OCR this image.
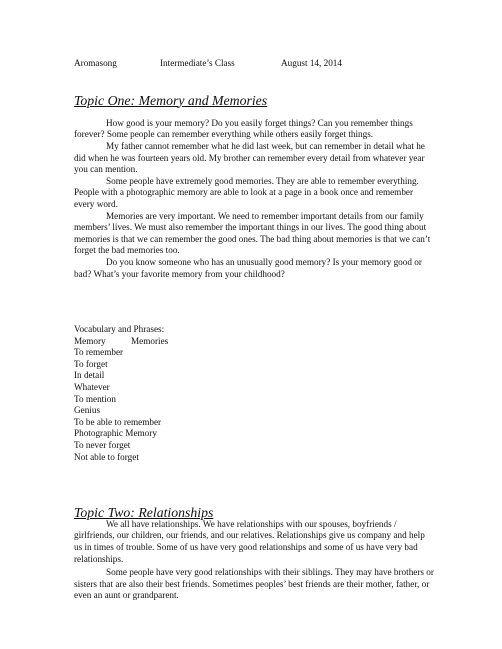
Aromasong	Intermediate’s Class	August 14, 2014
Topic One: Memory and Memories

How good is your memory? Do you easily forget things? Can you remember things forever? Some people can remember everything while others easily forget things.

My father cannot remember what he did last week, but can remember in detail what he did when he was fourteen years old. My brother can remember every detail from whatever year you can mention.

Some people have extremely good memories. They are able to remember everything. People with a photographic memory are able to look at a page in a book once and remember every word.

Memories are very important. We need to remember important details from our family members’ lives. We must also remember the important things in our lives. The good thing about memories is that we can remember the good ones. The bad thing about memories is that we can’t forget the bad memories too.

Do you know someone who has an unusually good memory? Is your memory good or bad? What’s your favorite memory from your childhood?

Vocabulary and Phrases:

Memory	Memories
To remember
To forget
In detail
Whatever
To mention
Genius
To be able to remember
Photographic Memory
To never forget
Not able to forget
Topic Two: Relationships

We all have relationships. We have relationships with our spouses, boyfriends / girlfriends, our children, our friends, and our relatives. Relationships give us company and help us in times of trouble. Some of us have very good relationships and some of us have very bad relationships.

Some people have very good relationships with their siblings. They may have brothers or sisters that are also their best friends. Sometimes peoples’ best friends are their mother, father, or even an aunt or grandparent.
